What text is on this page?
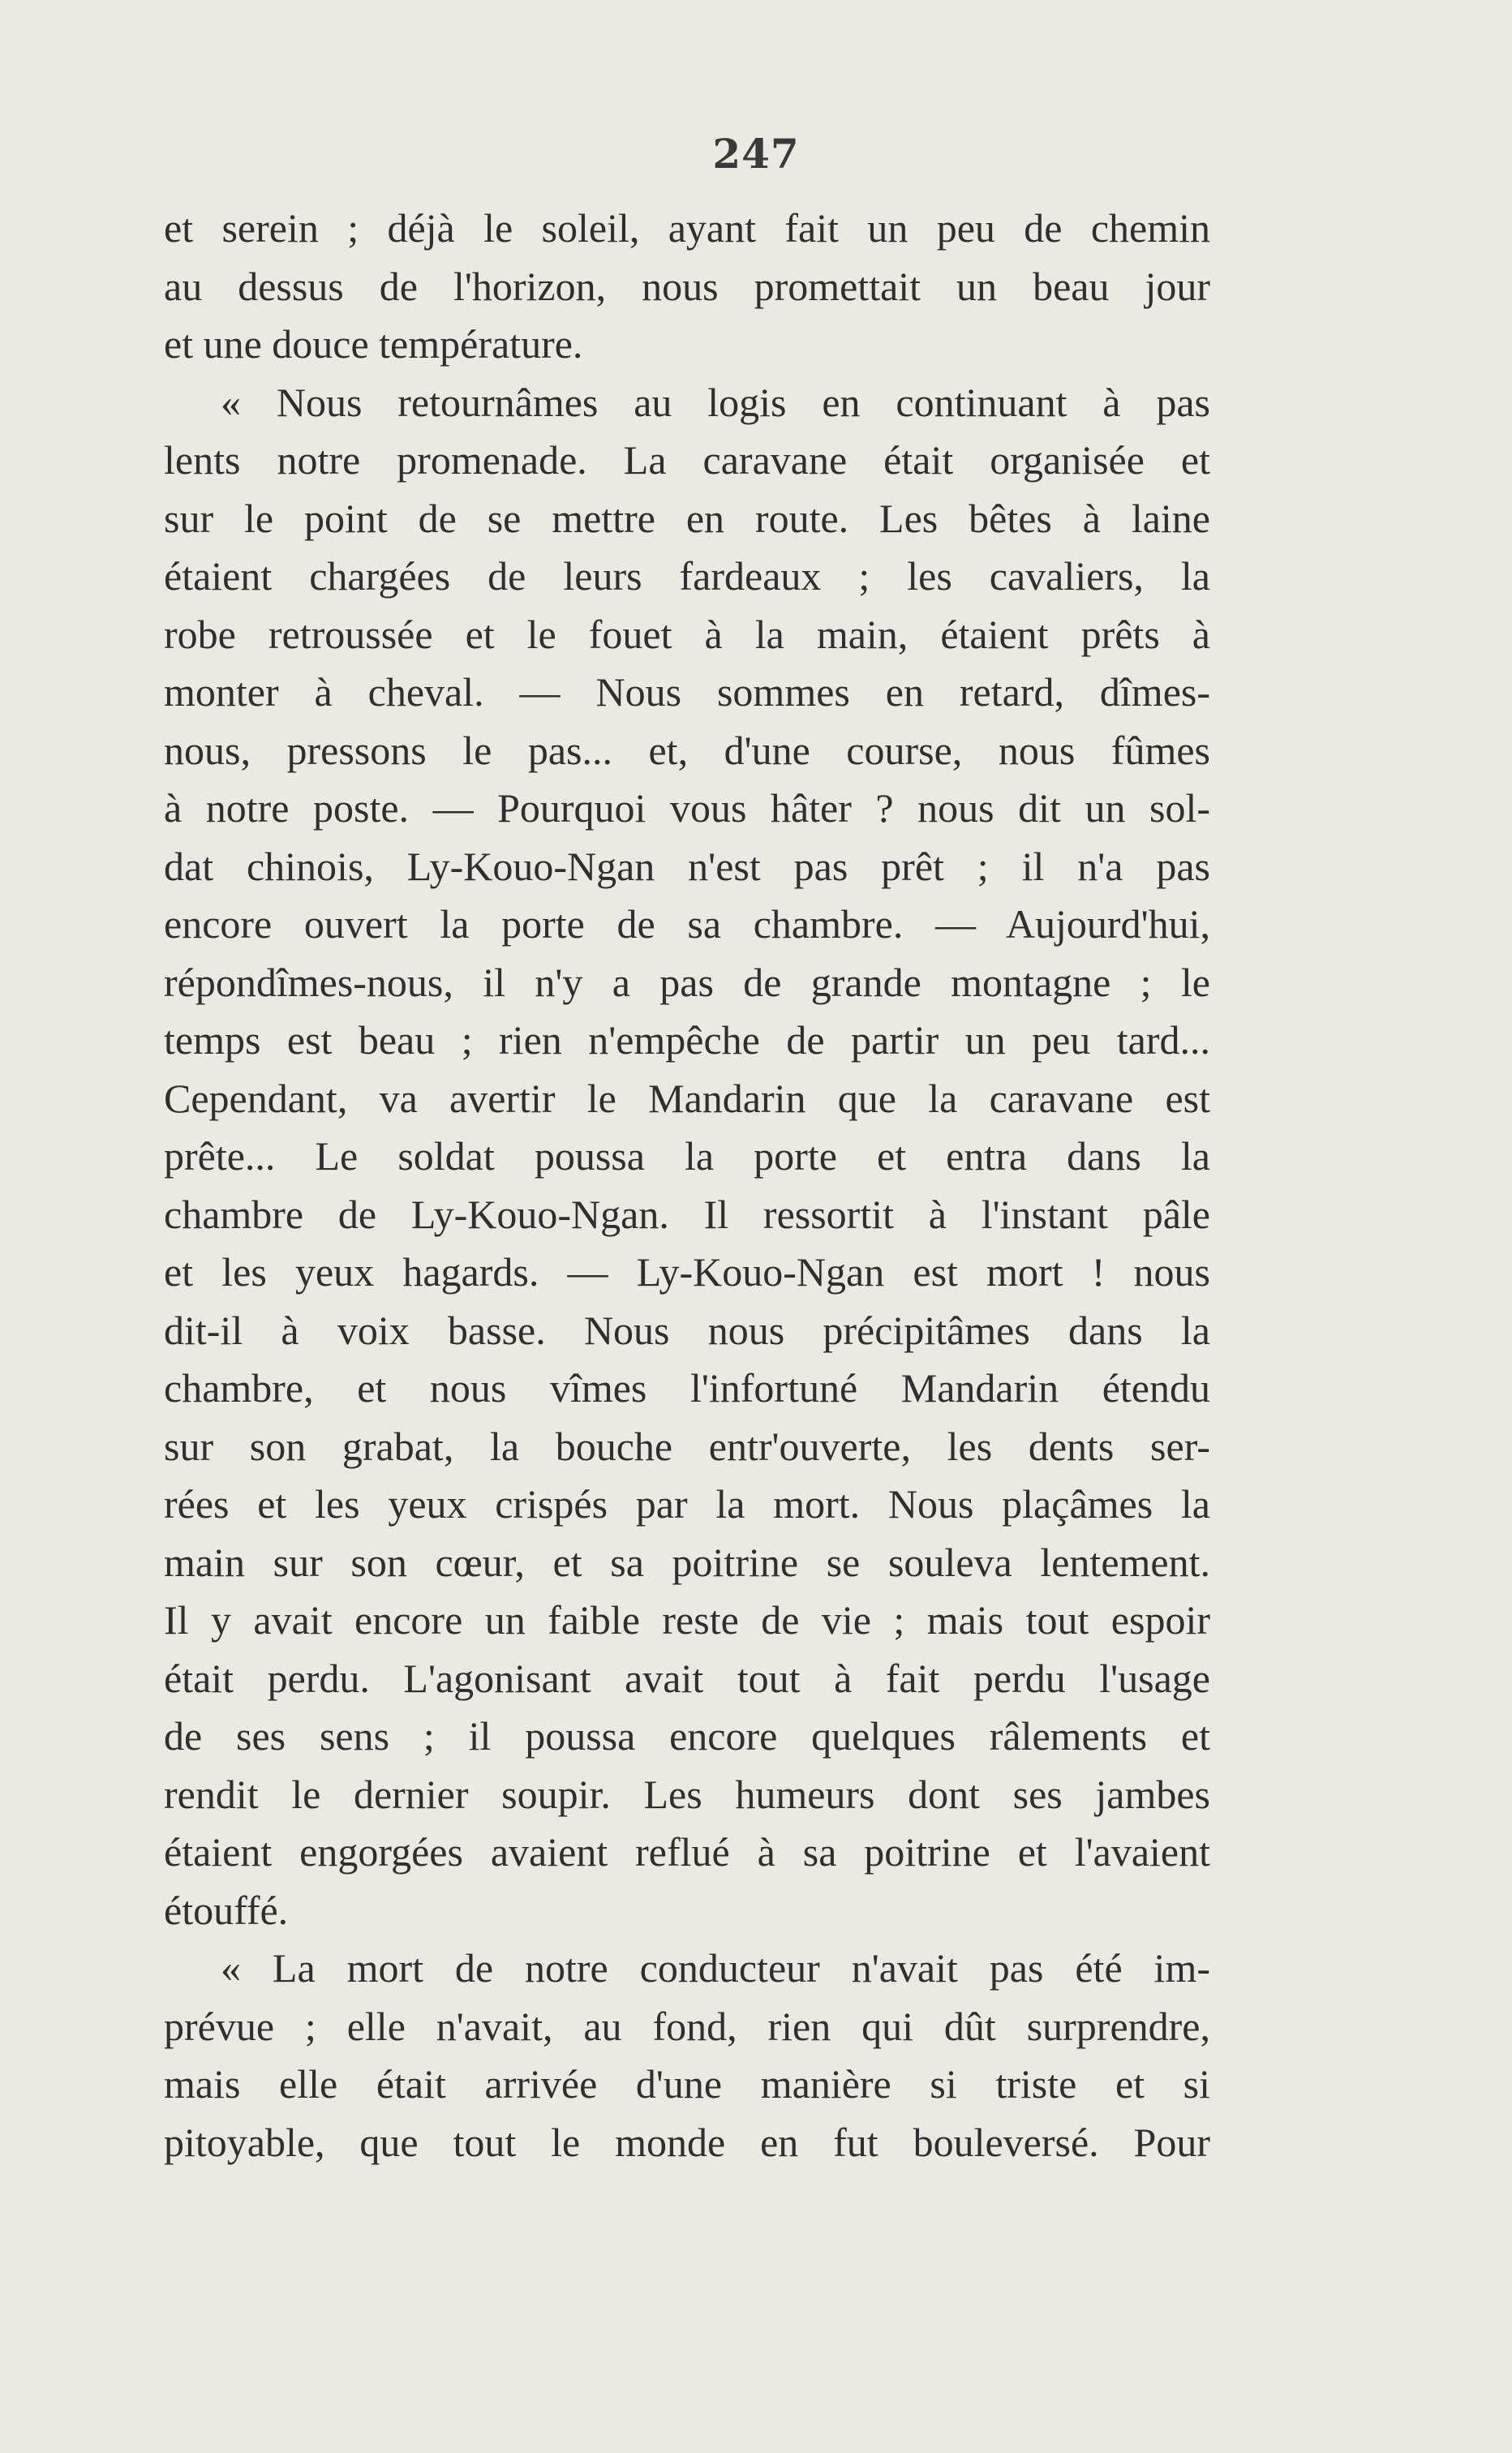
247
et serein ; déjà le soleil, ayant fait un peu de chemin
au dessus de l'horizon, nous promettait un beau jour
et une douce température.
« Nous retournâmes au logis en continuant à pas
lents notre promenade. La caravane était organisée et
sur le point de se mettre en route. Les bêtes à laine
étaient chargées de leurs fardeaux ; les cavaliers, la
robe retroussée et le fouet à la main, étaient prêts à
monter à cheval. — Nous sommes en retard, dîmes-
nous, pressons le pas... et, d'une course, nous fûmes
à notre poste. — Pourquoi vous hâter ? nous dit un sol-
dat chinois, Ly-Kouo-Ngan n'est pas prêt ; il n'a pas
encore ouvert la porte de sa chambre. — Aujourd'hui,
répondîmes-nous, il n'y a pas de grande montagne ; le
temps est beau ; rien n'empêche de partir un peu tard...
Cependant, va avertir le Mandarin que la caravane est
prête... Le soldat poussa la porte et entra dans la
chambre de Ly-Kouo-Ngan. Il ressortit à l'instant pâle
et les yeux hagards. — Ly-Kouo-Ngan est mort ! nous
dit-il à voix basse. Nous nous précipitâmes dans la
chambre, et nous vîmes l'infortuné Mandarin étendu
sur son grabat, la bouche entr'ouverte, les dents ser-
rées et les yeux crispés par la mort. Nous plaçâmes la
main sur son cœur, et sa poitrine se souleva lentement.
Il y avait encore un faible reste de vie ; mais tout espoir
était perdu. L'agonisant avait tout à fait perdu l'usage
de ses sens ; il poussa encore quelques râlements et
rendit le dernier soupir. Les humeurs dont ses jambes
étaient engorgées avaient reflué à sa poitrine et l'avaient
étouffé.
« La mort de notre conducteur n'avait pas été im-
prévue ; elle n'avait, au fond, rien qui dût surprendre,
mais elle était arrivée d'une manière si triste et si
pitoyable, que tout le monde en fut bouleversé. Pour
